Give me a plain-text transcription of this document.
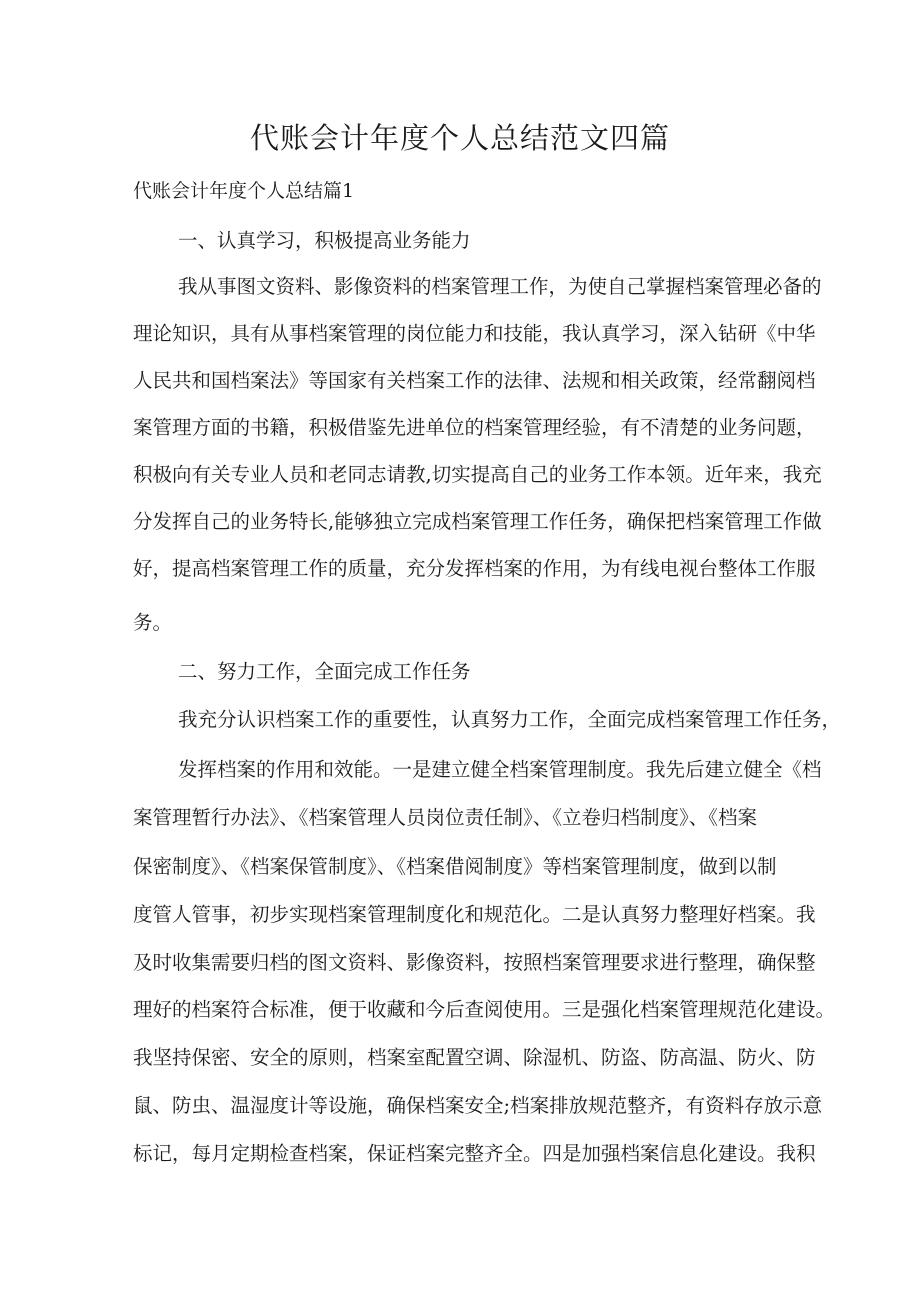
代账会计年度个人总结范文四篇
代账会计年度个人总结篇1
一、认真学习，积极提高业务能力
我从事图文资料、影像资料的档案管理工作，为使自己掌握档案管理必备的
理论知识，具有从事档案管理的岗位能力和技能，我认真学习，深入钻研《中华
人民共和国档案法》等国家有关档案工作的法律、法规和相关政策，经常翻阅档
案管理方面的书籍，积极借鉴先进单位的档案管理经验，有不清楚的业务问题，
积极向有关专业人员和老同志请教,切实提高自己的业务工作本领。近年来，我充
分发挥自己的业务特长,能够独立完成档案管理工作任务，确保把档案管理工作做
好，提高档案管理工作的质量，充分发挥档案的作用，为有线电视台整体工作服
务。
二、努力工作，全面完成工作任务
我充分认识档案工作的重要性，认真努力工作，全面完成档案管理工作任务，
发挥档案的作用和效能。一是建立健全档案管理制度。我先后建立健全《档
案管理暂行办法》、《档案管理人员岗位责任制》、《立卷归档制度》、《档案
保密制度》、《档案保管制度》、《档案借阅制度》等档案管理制度，做到以制
度管人管事，初步实现档案管理制度化和规范化。二是认真努力整理好档案。我
及时收集需要归档的图文资料、影像资料，按照档案管理要求进行整理，确保整
理好的档案符合标准，便于收藏和今后查阅使用。三是强化档案管理规范化建设。
我坚持保密、安全的原则，档案室配置空调、除湿机、防盗、防高温、防火、防
鼠、防虫、温湿度计等设施，确保档案安全;档案排放规范整齐，有资料存放示意
标记，每月定期检查档案，保证档案完整齐全。四是加强档案信息化建设。我积
